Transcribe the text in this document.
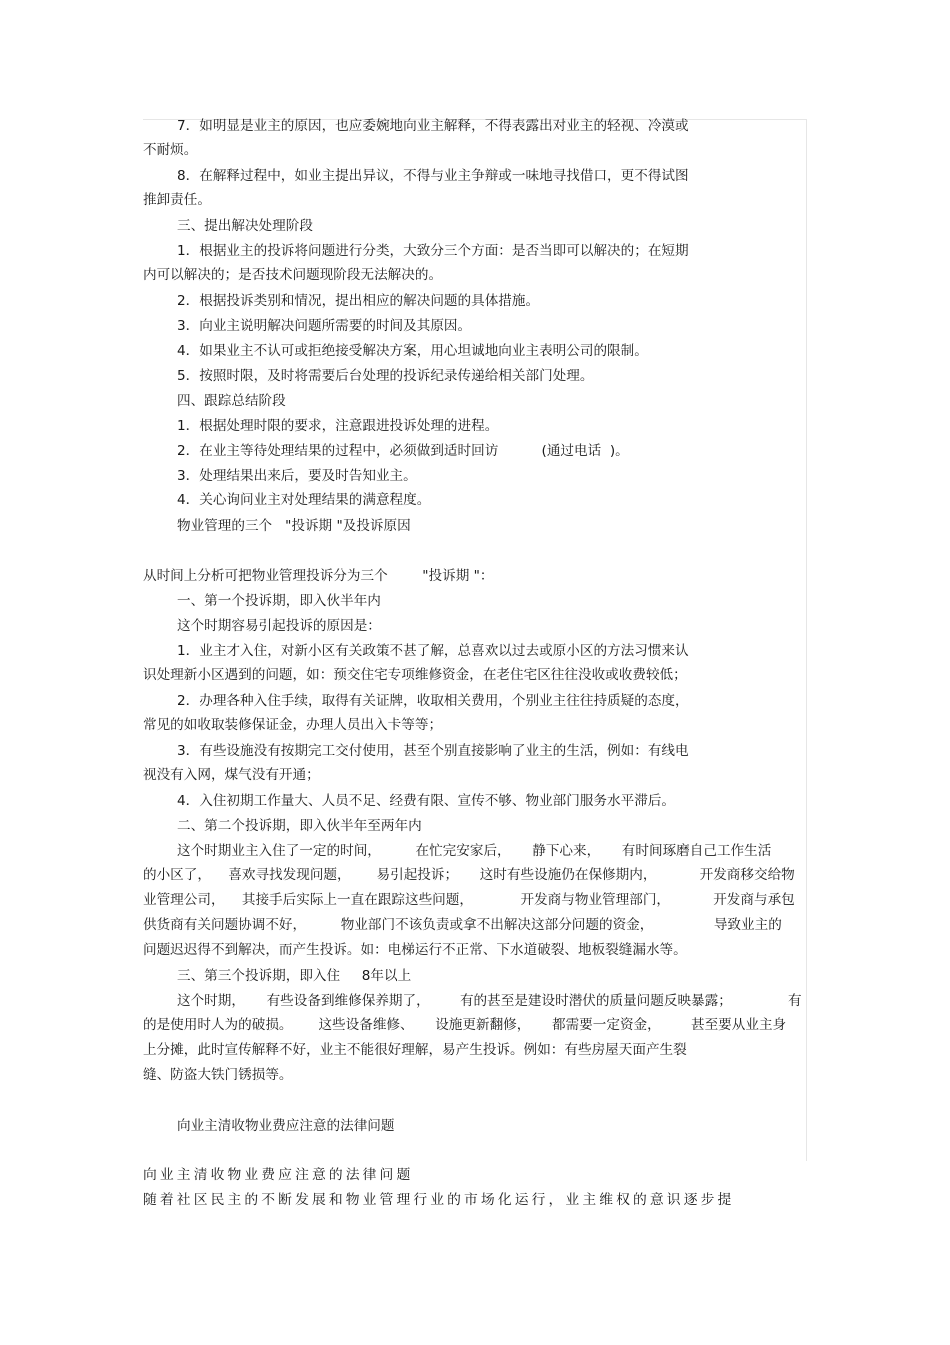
7．如明显是业主的原因，也应委婉地向业主解释，不得表露出对业主的轻视、冷漠或
不耐烦。
8．在解释过程中，如业主提出异议，不得与业主争辩或一味地寻找借口，更不得试图
推卸责任。
三、提出解决处理阶段
1．根据业主的投诉将问题进行分类，大致分三个方面：是否当即可以解决的；在短期
内可以解决的；是否技术问题现阶段无法解决的。
2．根据投诉类别和情况，提出相应的解决问题的具体措施。
3．向业主说明解决问题所需要的时间及其原因。
4．如果业主不认可或拒绝接受解决方案，用心坦诚地向业主表明公司的限制。
5．按照时限，及时将需要后台处理的投诉纪录传递给相关部门处理。
四、跟踪总结阶段
1．根据处理时限的要求，注意跟进投诉处理的进程。
2．在业主等待处理结果的过程中，必须做到适时回访          (通过电话  )。
3．处理结果出来后，要及时告知业主。
4．关心询问业主对处理结果的满意程度。
物业管理的三个   "投诉期 "及投诉原因
从时间上分析可把物业管理投诉分为三个        "投诉期 "：
一、第一个投诉期，即入伙半年内
这个时期容易引起投诉的原因是：
1．业主才入住，对新小区有关政策不甚了解，总喜欢以过去或原小区的方法习惯来认
识处理新小区遇到的问题，如：预交住宅专项维修资金，在老住宅区往往没收或收费较低；
2．办理各种入住手续，取得有关证牌，收取相关费用，个别业主往往持质疑的态度，
常见的如收取装修保证金，办理人员出入卡等等；
3．有些设施没有按期完工交付使用，甚至个别直接影响了业主的生活，例如：有线电
视没有入网，煤气没有开通；
4．入住初期工作量大、人员不足、经费有限、宣传不够、物业部门服务水平滞后。
二、第二个投诉期，即入伙半年至两年内
这个时期业主入住了一定的时间，        在忙完安家后，     静下心来，     有时间琢磨自己工作生活
的小区了，    喜欢寻找发现问题，      易引起投诉；     这时有些设施仍在保修期内，          开发商移交给物
业管理公司，    其接手后实际上一直在跟踪这些问题，           开发商与物业管理部门，          开发商与承包
供货商有关问题协调不好，        物业部门不该负责或拿不出解决这部分问题的资金，              导致业主的
问题迟迟得不到解决，而产生投诉。如：电梯运行不正常、下水道破裂、地板裂缝漏水等。
三、第三个投诉期，即入住     8年以上
这个时期，     有些设备到维修保养期了，       有的甚至是建设时潜伏的质量问题反映暴露；             有
的是使用时人为的破损。      这些设备维修、     设施更新翻修，     都需要一定资金，       甚至要从业主身
上分摊，此时宣传解释不好，业主不能很好理解，易产生投诉。例如：有些房屋天面产生裂
缝、防盗大铁门锈损等。
向业主清收物业费应注意的法律问题
向业主清收物业费应注意的法律问题
随着社区民主的不断发展和物业管理行业的市场化运行，业主维权的意识逐步提
